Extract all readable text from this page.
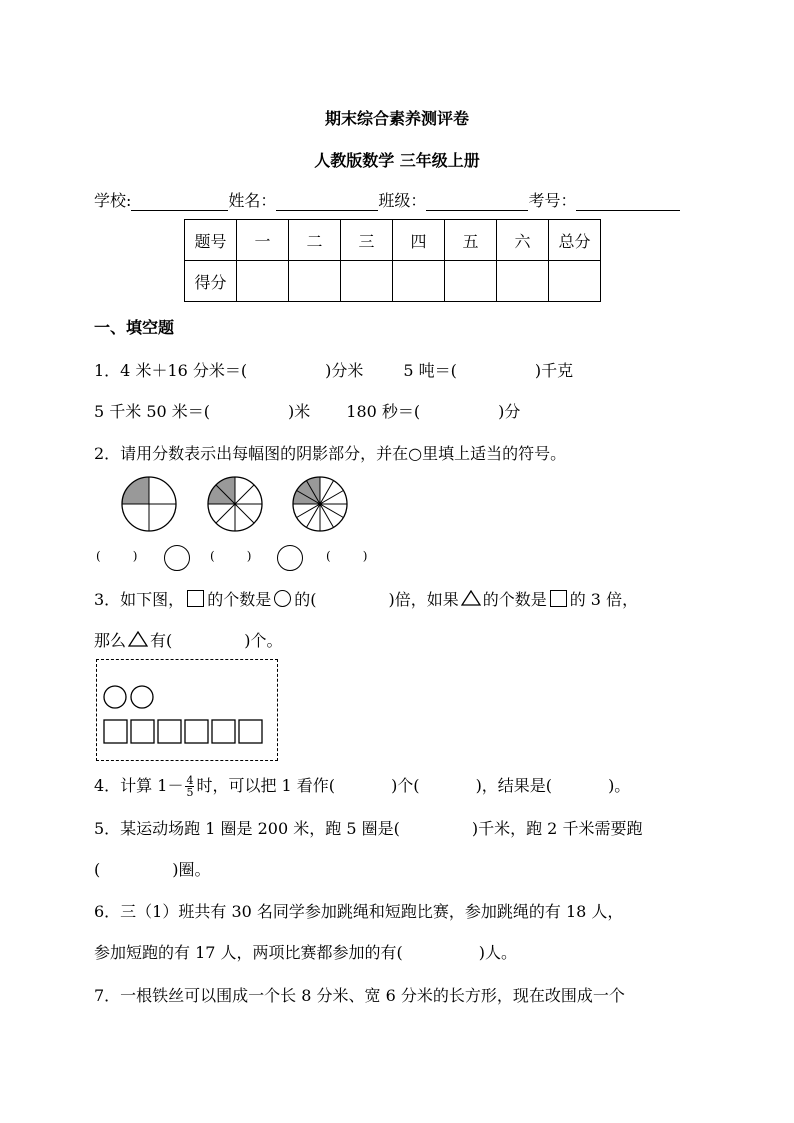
期末综合素养测评卷
人教版数学 三年级上册
学校:	姓名：	班级：	考号：
题号	一	二	三	四	五	六	总分
得分							
一、填空题
1．4 米＋16 分米＝(	)分米	5 吨＝(	)千克
5 千米 50 米＝(	)米 180 秒＝(	)分
2．请用分数表示出每幅图的阴影部分，并在○里填上适当的符号。
(	)	(	)	(	)
3．如下图， 的个数是 的(	)倍，如果 的个数是 的 3 倍，
那么 有(	)个。
4．计算 $1- \frac{4}{5}$ 时，可以把 1 看作(	)个(	)，结果是(	)。
5．某运动场跑 1 圈是 200 米，跑 5 圈是(	)千米，跑 2 千米需要跑
(	)圈。
6．三（1）班共有 30 名同学参加跳绳和短跑比赛，参加跳绳的有 18 人，
参加短跑的有 17 人，两项比赛都参加的有(	)人。
7．一根铁丝可以围成一个长 8 分米、宽 6 分米的长方形，现在改围成一个
